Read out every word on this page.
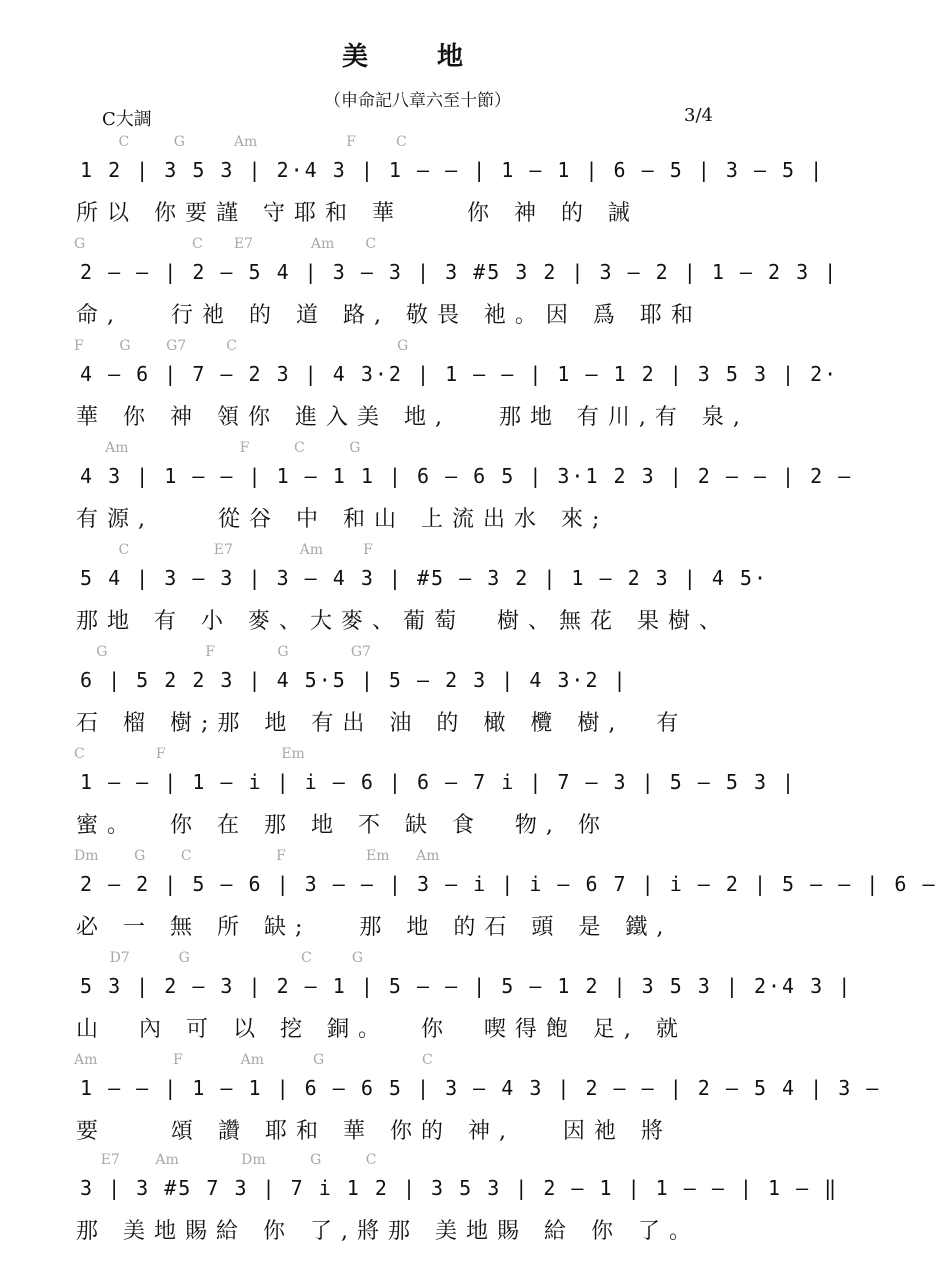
美 地
（申命記八章六至十節）
C大調	3/4
C          G           Am                    F         C
1 2 | 3 5 3 | 2·4 3 | 1 — — | 1 — 1 | 6 — 5 | 3 — 5 |
所以 你要謹 守耶和 華    你 神 的 誡
G                        C       E7             Am       C
2 — — | 2 — 5 4 | 3 — 3 | 3 #5 3 2 | 3 — 2 | 1 — 2 3 |
命,   行祂 的 道 路, 敬畏 祂。因 爲 耶和
F        G        G7         C                                    G
4 — 6 | 7 — 2 3 | 4 3·2 | 1 — — | 1 — 1 2 | 3 5 3 | 2·
華 你 神 領你 進入美 地,   那地 有川,有 泉,
Am                         F          C          G
4 3 | 1 — — | 1 — 1 1 | 6 — 6 5 | 3·1 2 3 | 2 — — | 2 —
有源,    從谷 中 和山 上流出水 來;
C                   E7               Am         F
5 4 | 3 — 3 | 3 — 4 3 | #5 — 3 2 | 1 — 2 3 | 4 5·
那地 有 小 麥、大麥、葡萄  樹、無花 果樹、
G                      F              G              G7
6 | 5 2 2 3 | 4 5·5 | 5 — 2 3 | 4 3·2 |
石 榴 樹;那 地 有出 油 的 橄 欖 樹,  有
C                F                          Em
1 — — | 1 — i | i — 6 | 6 — 7 i | 7 — 3 | 5 — 5 3 |
蜜。  你 在 那 地 不 缺 食  物, 你
Dm        G        C                   F                  Em      Am
2 — 2 | 5 — 6 | 3 — — | 3 — i | i — 6 7 | i — 2 | 5 — — | 6 —
必 一 無 所 缺;   那 地 的石 頭 是 鐵,
D7           G                         C         G
5 3 | 2 — 3 | 2 — 1 | 5 — — | 5 — 1 2 | 3 5 3 | 2·4 3 |
山  內 可 以 挖 銅。  你  喫得飽 足, 就
Am                 F             Am           G                      C
1 — — | 1 — 1 | 6 — 6 5 | 3 — 4 3 | 2 — — | 2 — 5 4 | 3 —
要    頌 讚 耶和 華 你的 神,   因祂 將
E7        Am              Dm          G          C
3 | 3 #5 7 3 | 7 i 1 2 | 3 5 3 | 2 — 1 | 1 — — | 1 — ‖
那 美地賜給 你 了,將那 美地賜 給 你 了。
